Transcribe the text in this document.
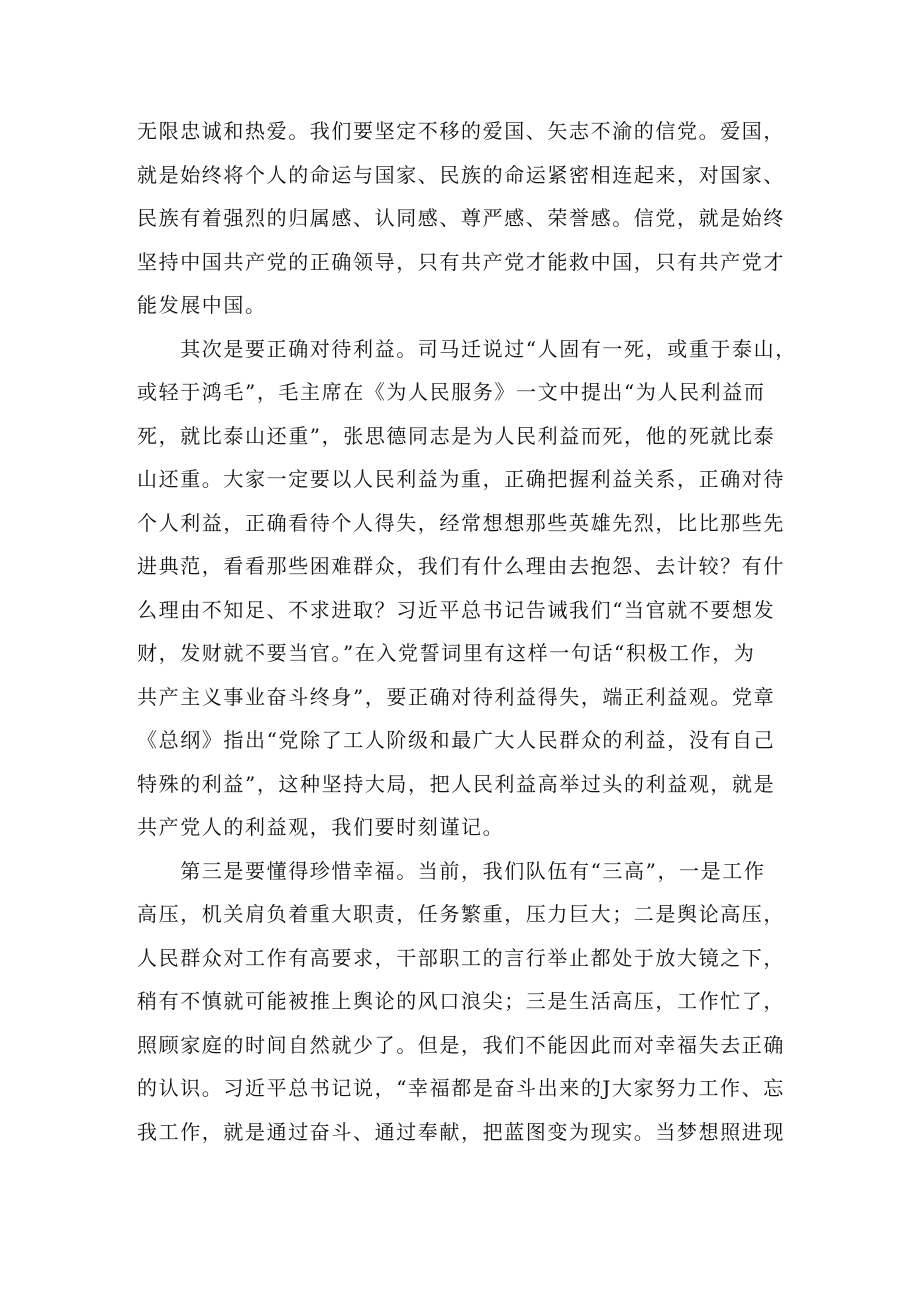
无限忠诚和热爱。我们要坚定不移的爱国、矢志不渝的信党。爱国，
就是始终将个人的命运与国家、民族的命运紧密相连起来，对国家、
民族有着强烈的归属感、认同感、尊严感、荣誉感。信党，就是始终
坚持中国共产党的正确领导，只有共产党才能救中国，只有共产党才
能发展中国。

　　其次是要正确对待利益。司马迁说过“人固有一死，或重于泰山，
或轻于鸿毛”，毛主席在《为人民服务》一文中提出“为人民利益而
死，就比泰山还重”，张思德同志是为人民利益而死，他的死就比泰
山还重。大家一定要以人民利益为重，正确把握利益关系，正确对待
个人利益，正确看待个人得失，经常想想那些英雄先烈，比比那些先
进典范，看看那些困难群众，我们有什么理由去抱怨、去计较？有什
么理由不知足、不求进取？习近平总书记告诫我们“当官就不要想发
财，发财就不要当官。”在入党誓词里有这样一句话“积极工作，为
共产主义事业奋斗终身”，要正确对待利益得失，端正利益观。党章
《总纲》指出“党除了工人阶级和最广大人民群众的利益，没有自己
特殊的利益”，这种坚持大局，把人民利益高举过头的利益观，就是
共产党人的利益观，我们要时刻谨记。

　　第三是要懂得珍惜幸福。当前，我们队伍有“三高”，一是工作
高压，机关肩负着重大职责，任务繁重，压力巨大；二是舆论高压，
人民群众对工作有高要求，干部职工的言行举止都处于放大镜之下，
稍有不慎就可能被推上舆论的风口浪尖；三是生活高压，工作忙了，
照顾家庭的时间自然就少了。但是，我们不能因此而对幸福失去正确
的认识。习近平总书记说，“幸福都是奋斗出来的J大家努力工作、忘
我工作，就是通过奋斗、通过奉献，把蓝图变为现实。当梦想照进现
